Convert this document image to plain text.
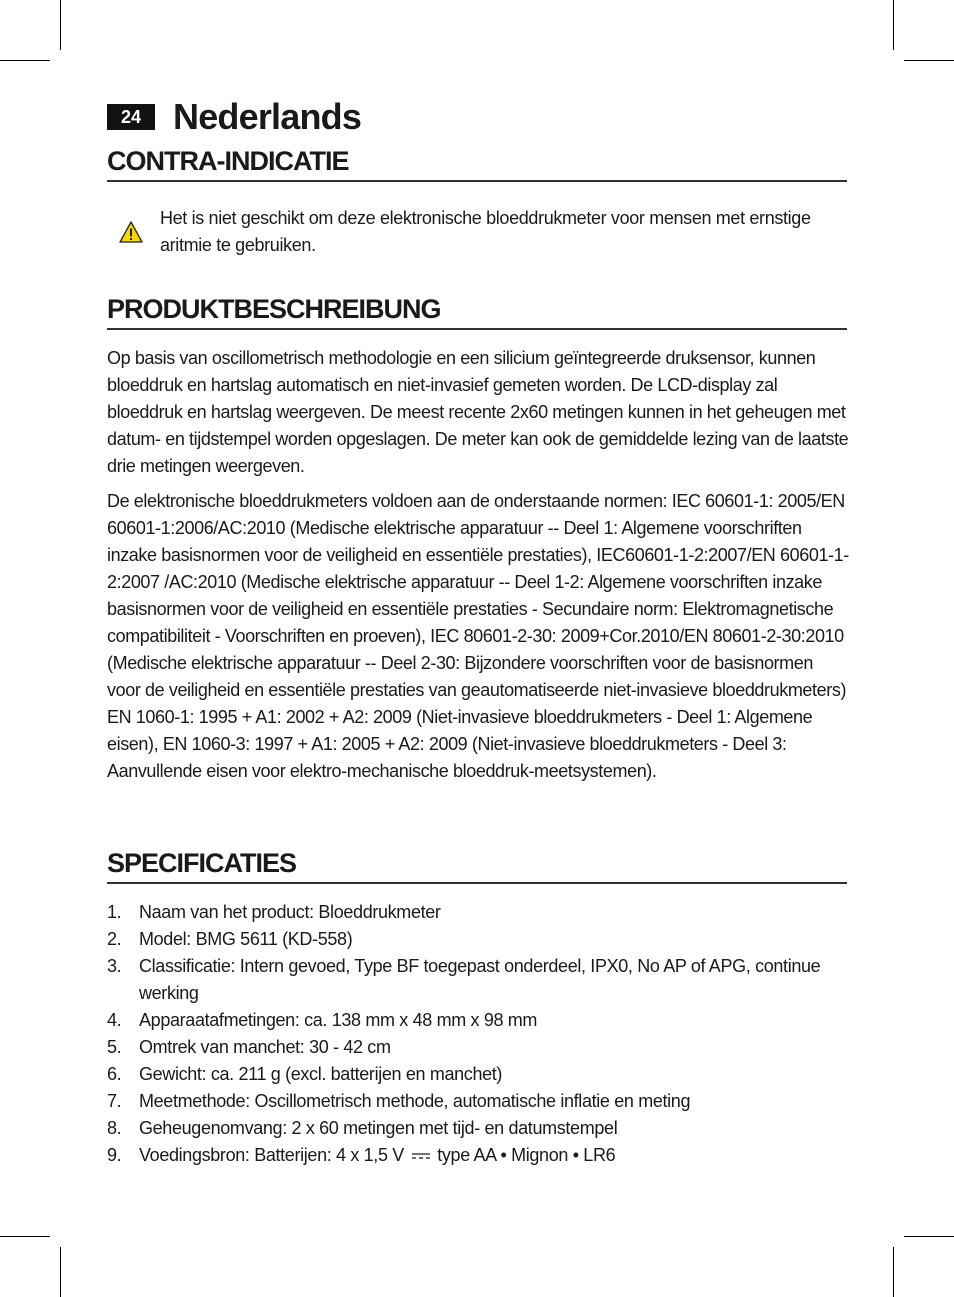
24 Nederlands
CONTRA-INDICATIE
Het is niet geschikt om deze elektronische bloeddrukmeter voor mensen met ernstige aritmie te gebruiken.
PRODUKTBESCHREIBUNG

Op basis van oscillometrisch methodologie en een silicium geïntegreerde druksensor, kunnen bloeddruk en hartslag automatisch en niet-invasief gemeten worden. De LCD-display zal bloeddruk en hartslag weergeven. De meest recente 2x60 metingen kunnen in het geheugen met datum- en tijdstempel worden opgeslagen. De meter kan ook de gemiddelde lezing van de laatste drie metingen weergeven.

De elektronische bloeddrukmeters voldoen aan de onderstaande normen: IEC 60601-1: 2005/EN 60601-1:2006/AC:2010 (Medische elektrische apparatuur -- Deel 1: Algemene voorschriften inzake basisnormen voor de veiligheid en essentiële prestaties), IEC60601-1-2:2007/EN 60601-1-2:2007 /AC:2010 (Medische elektrische apparatuur -- Deel 1-2: Algemene voorschriften inzake basisnormen voor de veiligheid en essentiële prestaties - Secundaire norm: Elektromagnetische compatibiliteit - Voorschriften en proeven), IEC 80601-2-30: 2009+Cor.2010/EN 80601-2-30:2010 (Medische elektrische apparatuur -- Deel 2-30: Bijzondere voorschriften voor de basisnormen voor de veiligheid en essentiële prestaties van geautomatiseerde niet-invasieve bloeddrukmeters) EN 1060-1: 1995 + A1: 2002 + A2: 2009 (Niet-invasieve bloeddrukmeters - Deel 1: Algemene eisen), EN 1060-3: 1997 + A1: 2005 + A2: 2009 (Niet-invasieve bloeddrukmeters - Deel 3: Aanvullende eisen voor elektro-mechanische bloeddruk-meetsystemen).

SPECIFICATIES
1. Naam van het product: Bloeddrukmeter
2. Model: BMG 5611 (KD-558)
3. Classificatie: Intern gevoed, Type BF toegepast onderdeel, IPX0, No AP of APG, continue werking
4. Apparaatafmetingen: ca. 138 mm x 48 mm x 98 mm
5. Omtrek van manchet: 30 - 42 cm
6. Gewicht: ca. 211 g (excl. batterijen en manchet)
7. Meetmethode: Oscillometrisch methode, automatische inflatie en meting
8. Geheugenomvang: 2 x 60 metingen met tijd- en datumstempel
9. Voedingsbron: Batterijen: 4 x 1,5 V type AA • Mignon • LR6
